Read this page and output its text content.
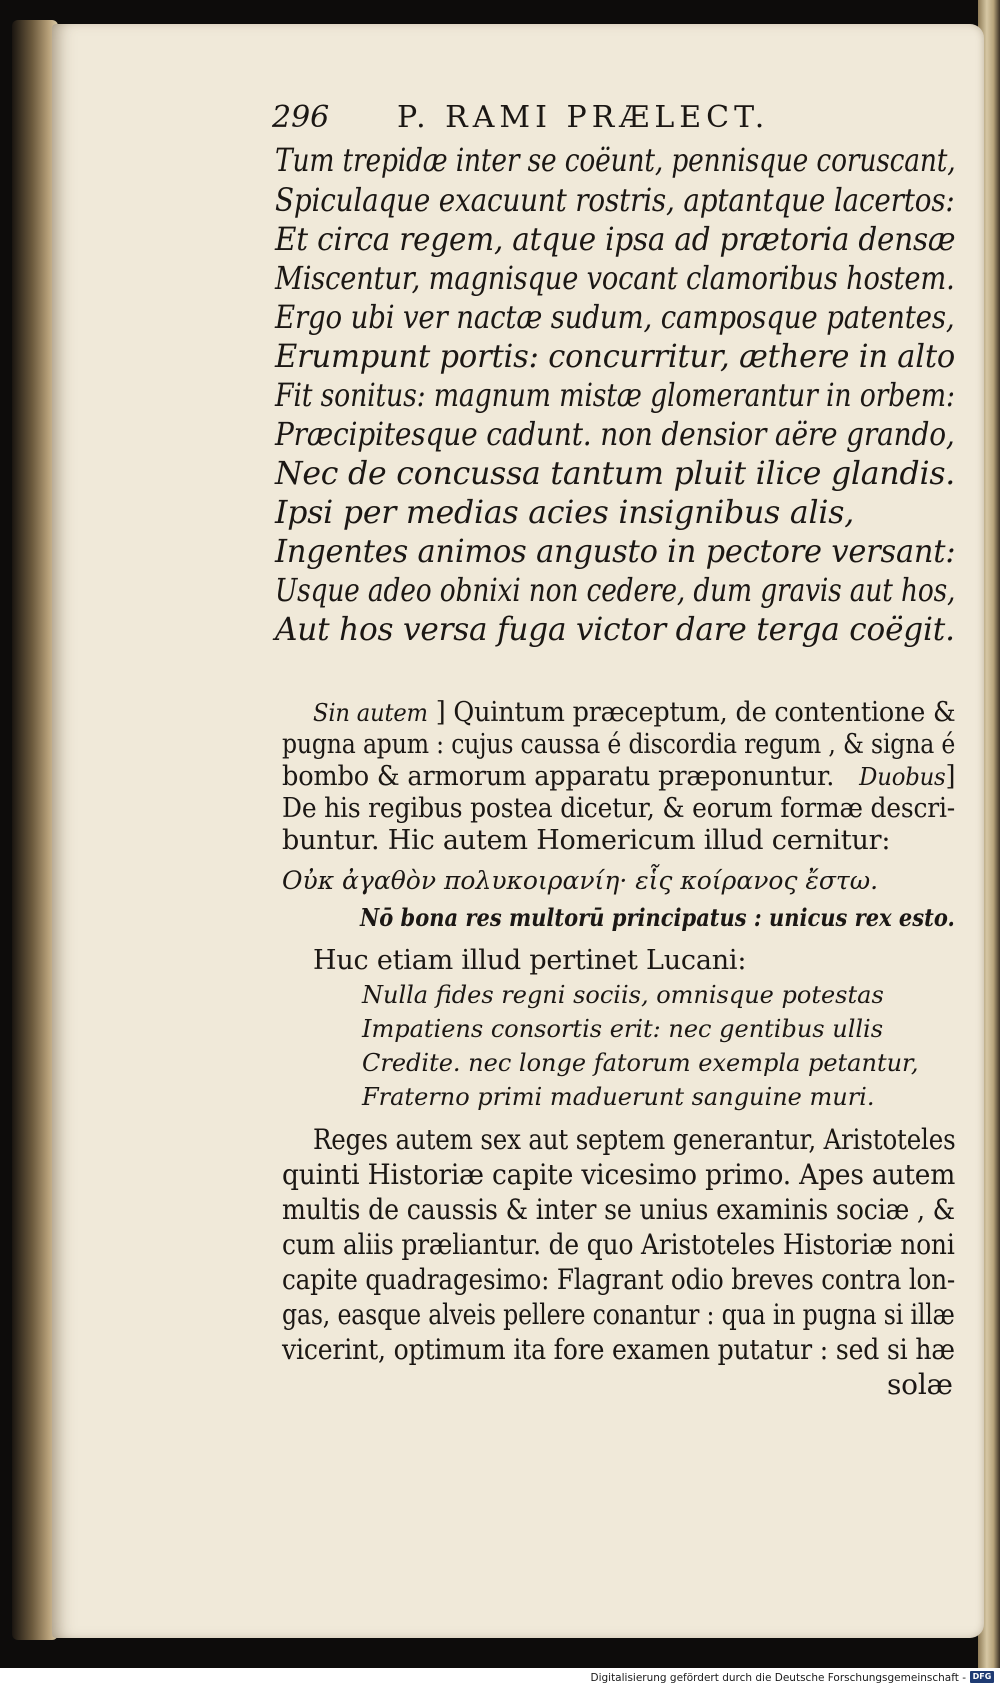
296 P. RAMI PRÆLECT.
Tum trepidæ inter se coëunt, pennisque coruscant,
Spiculaque exacuunt rostris, aptantque lacertos:
Et circa regem, atque ipsa ad prætoria densæ
Miscentur, magnisque vocant clamoribus hostem.
Ergo ubi ver nactæ sudum, camposque patentes,
Erumpunt portis: concurritur, æthere in alto
Fit sonitus: magnum mistæ glomerantur in orbem:
Præcipitesque cadunt. non densior aëre grando,
Nec de concussa tantum pluit ilice glandis.
Ipsi per medias acies insignibus alis,
Ingentes animos angusto in pectore versant:
Usque adeo obnixi non cedere, dum gravis aut hos,
Aut hos versa fuga victor dare terga coëgit.
Sin autem ] Quintum præceptum, de contentione &
pugna apum : cujus caussa é discordia regum , & signa é
bombo & armorum apparatu præponuntur. Duobus]
De his regibus postea dicetur, & eorum formæ descri-
buntur. Hic autem Homericum illud cernitur:
Οὐκ ἀγαθὸν πολυκοιρανίη· εἷς κοίρανος ἔστω.
Nō bona res multorū principatus : unicus rex esto.
Huc etiam illud pertinet Lucani:
Nulla fides regni sociis, omnisque potestas
Impatiens consortis erit: nec gentibus ullis
Credite. nec longe fatorum exempla petantur,
Fraterno primi maduerunt sanguine muri.
Reges autem sex aut septem generantur, Aristoteles
quinti Historiæ capite vicesimo primo. Apes autem
multis de caussis & inter se unius examinis sociæ , &
cum aliis præliantur. de quo Aristoteles Historiæ noni
capite quadragesimo: Flagrant odio breves contra lon-
gas, easque alveis pellere conantur : qua in pugna si illæ
vicerint, optimum ita fore examen putatur : sed si hæ
solæ
Digitalisierung gefördert durch die Deutsche Forschungsgemeinschaft - DFG
